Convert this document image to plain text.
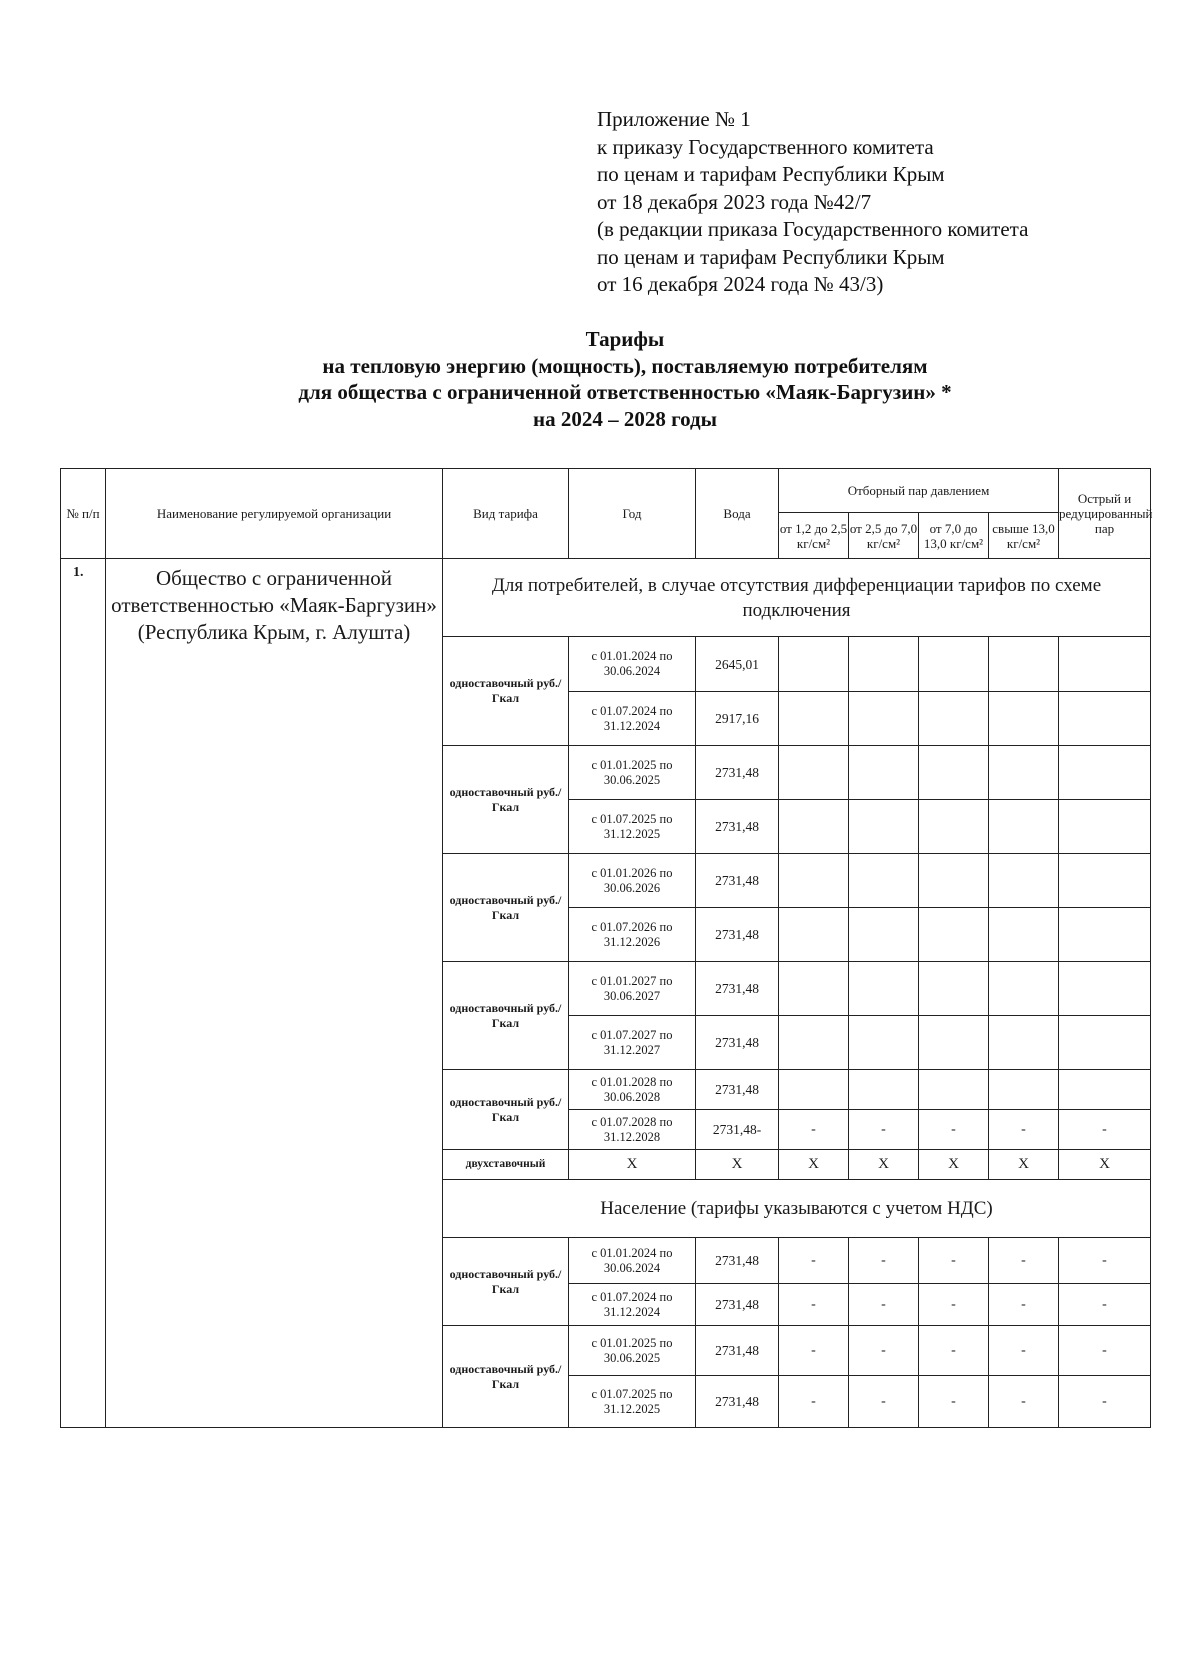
Приложение № 1
к приказу Государственного комитета
по ценам и тарифам Республики Крым
от 18 декабря 2023 года №42/7
(в редакции приказа Государственного комитета
по ценам и тарифам Республики Крым
от 16 декабря 2024 года № 43/3)
Тарифы
на тепловую энергию (мощность), поставляемую потребителям
для общества с ограниченной ответственностью «Маяк-Баргузин» *
на 2024 – 2028 годы
№ п/п	Наименование регулируемой организации	Вид тарифа	Год	Вода	Отборный пар давлением				Острый и редуцированный пар
					от 1,2 до 2,5 кг/см²	от 2,5 до 7,0 кг/см²	от 7,0 до 13,0 кг/см²	свыше 13,0 кг/см²	
1.	Общество с ограниченной ответственностью «Маяк-Баргузин» (Республика Крым, г. Алушта)	Для потребителей, в случае отсутствия дифференциации тарифов по схеме подключения							
		одноставочный руб./Гкал	с 01.01.2024 по 30.06.2024	2645,01					
			с 01.07.2024 по 31.12.2024	2917,16					
		одноставочный руб./Гкал	с 01.01.2025 по 30.06.2025	2731,48					
			с 01.07.2025 по 31.12.2025	2731,48					
		одноставочный руб./Гкал	с 01.01.2026 по 30.06.2026	2731,48					
			с 01.07.2026 по 31.12.2026	2731,48					
		одноставочный руб./Гкал	с 01.01.2027 по 30.06.2027	2731,48					
			с 01.07.2027 по 31.12.2027	2731,48					
		одноставочный руб./Гкал	с 01.01.2028 по 30.06.2028	2731,48					
			с 01.07.2028 по 31.12.2028	2731,48-	-	-	-	-	-
		двухставочный	X	X	X	X	X	X	X
		Население (тарифы указываются с учетом НДС)							
		одноставочный руб./Гкал	с 01.01.2024 по 30.06.2024	2731,48	-	-	-	-	-
			с 01.07.2024 по 31.12.2024	2731,48	-	-	-	-	-
		одноставочный руб./Гкал	с 01.01.2025 по 30.06.2025	2731,48	-	-	-	-	-
			с 01.07.2025 по 31.12.2025	2731,48	-	-	-	-	-
